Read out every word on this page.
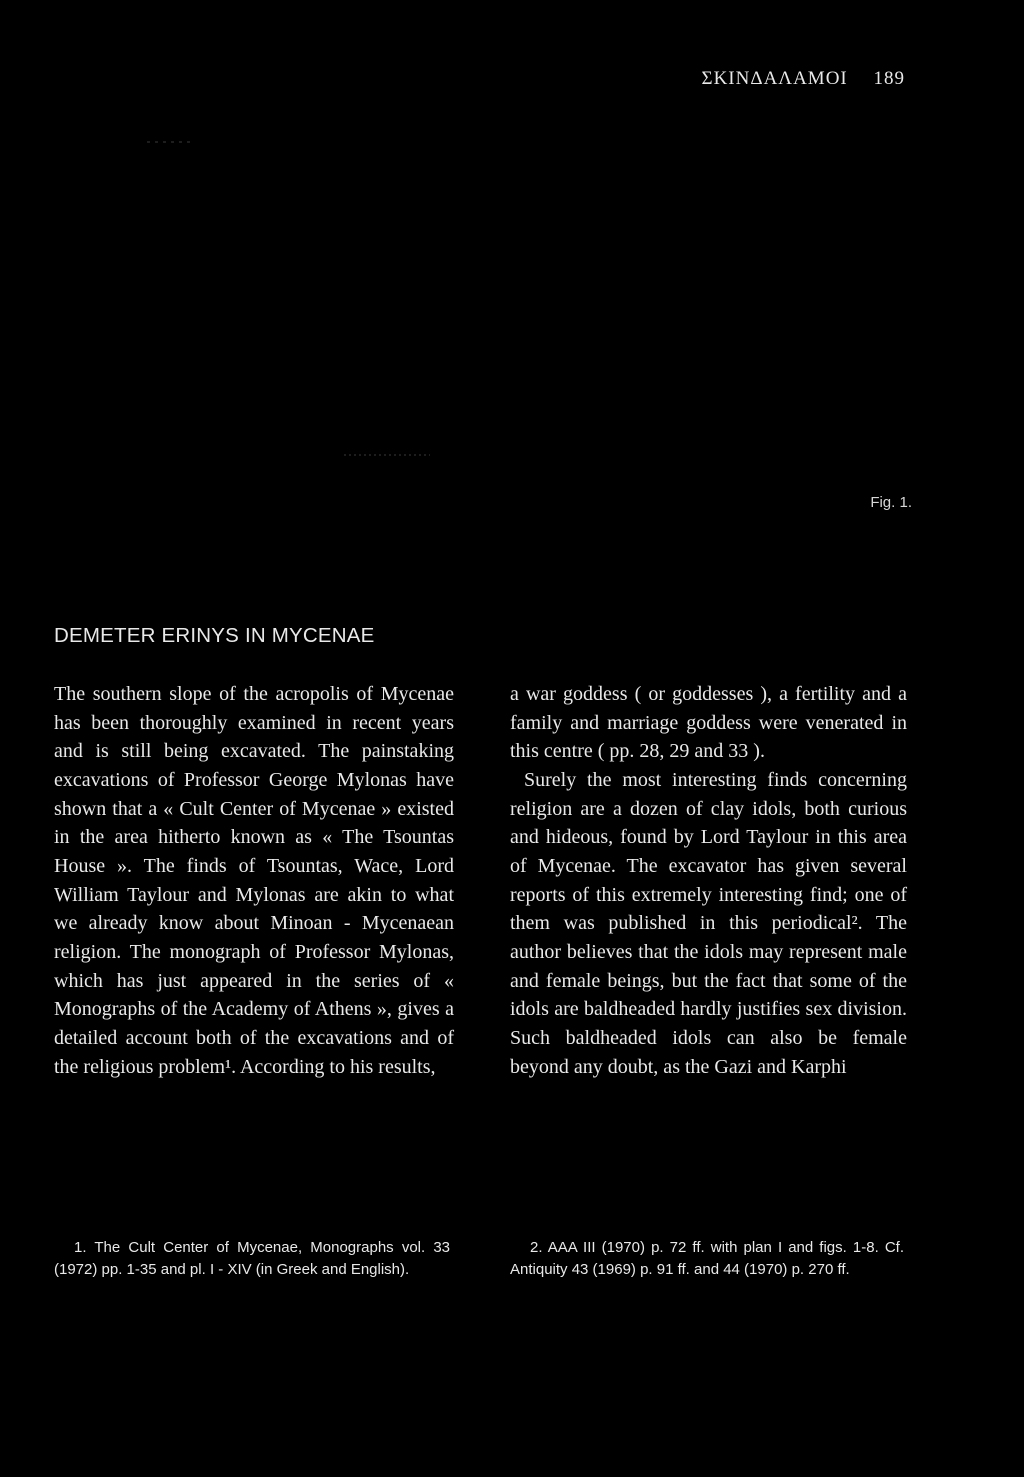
ΣΚΙΝΔΑΛΑΜΟΙ 189
Fig. 1.
DEMETER ERINYS IN MYCENAE

The southern slope of the acropolis of Mycenae has been thoroughly examined in recent years and is still being excavated. The painstaking excavations of Professor George Mylonas have shown that a « Cult Center of Mycenae » existed in the area hitherto known as « The Tsountas House ». The finds of Tsountas, Wace, Lord William Taylour and Mylonas are akin to what we already know about Minoan - Mycenaean religion. The monograph of Professor Mylonas, which has just appeared in the series of « Monographs of the Academy of Athens », gives a detailed account both of the excavations and of the religious problem¹. According to his results,

a war goddess ( or goddesses ), a fertility and a family and marriage goddess were venerated in this centre ( pp. 28, 29 and 33 ).

Surely the most interesting finds concerning religion are a dozen of clay idols, both curious and hideous, found by Lord Taylour in this area of Mycenae. The excavator has given several reports of this extremely interesting find; one of them was published in this periodical². The author believes that the idols may represent male and female beings, but the fact that some of the idols are baldheaded hardly justifies sex division. Such baldheaded idols can also be female beyond any doubt, as the Gazi and Karphi

1. The Cult Center of Mycenae, Monographs vol. 33 (1972) pp. 1-35 and pl. I - XIV (in Greek and English).

2. AAA III (1970) p. 72 ff. with plan I and figs. 1-8. Cf. Antiquity 43 (1969) p. 91 ff. and 44 (1970) p. 270 ff.
